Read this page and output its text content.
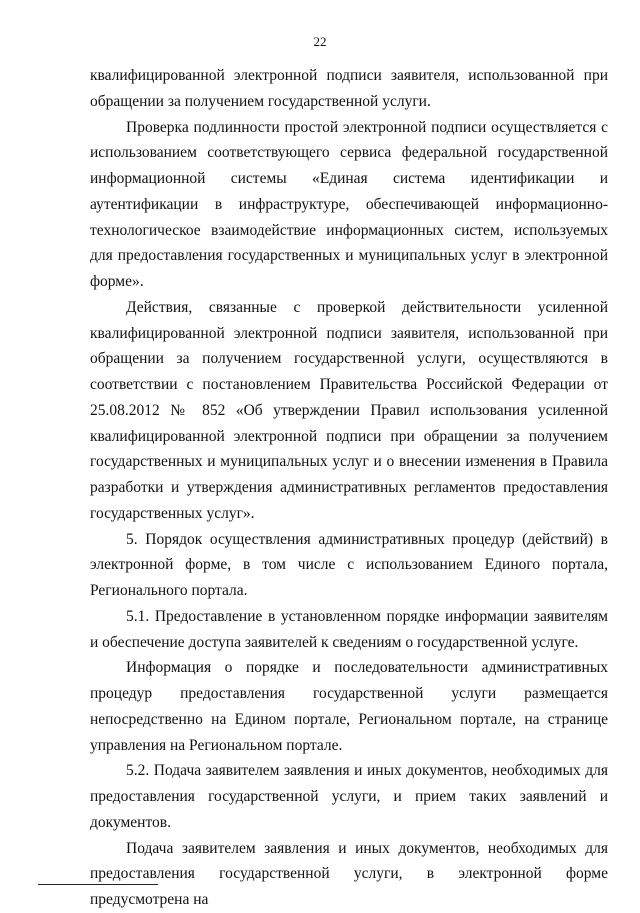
22

квалифицированной электронной подписи заявителя, использованной при обращении за получением государственной услуги.

Проверка подлинности простой электронной подписи осуществляется с использованием соответствующего сервиса федеральной государственной информационной системы «Единая система идентификации и аутентификации в инфраструктуре, обеспечивающей информационно-технологическое взаимодействие информационных систем, используемых для предоставления государственных и муниципальных услуг в электронной форме».

Действия, связанные с проверкой действительности усиленной квалифицированной электронной подписи заявителя, использованной при обращении за получением государственной услуги, осуществляются в соответствии с постановлением Правительства Российской Федерации от 25.08.2012 № 852 «Об утверждении Правил использования усиленной квалифицированной электронной подписи при обращении за получением государственных и муниципальных услуг и о внесении изменения в Правила разработки и утверждения административных регламентов предоставления государственных услуг».

5. Порядок осуществления административных процедур (действий) в электронной форме, в том числе с использованием Единого портала, Регионального портала.

5.1. Предоставление в установленном порядке информации заявителям и обеспечение доступа заявителей к сведениям о государственной услуге.

Информация о порядке и последовательности административных процедур предоставления государственной услуги размещается непосредственно на Едином портале, Региональном портале, на странице управления на Региональном портале.

5.2. Подача заявителем заявления и иных документов, необходимых для предоставления государственной услуги, и прием таких заявлений и документов.

Подача заявителем заявления и иных документов, необходимых для предоставления государственной услуги, в электронной форме предусмотрена на
